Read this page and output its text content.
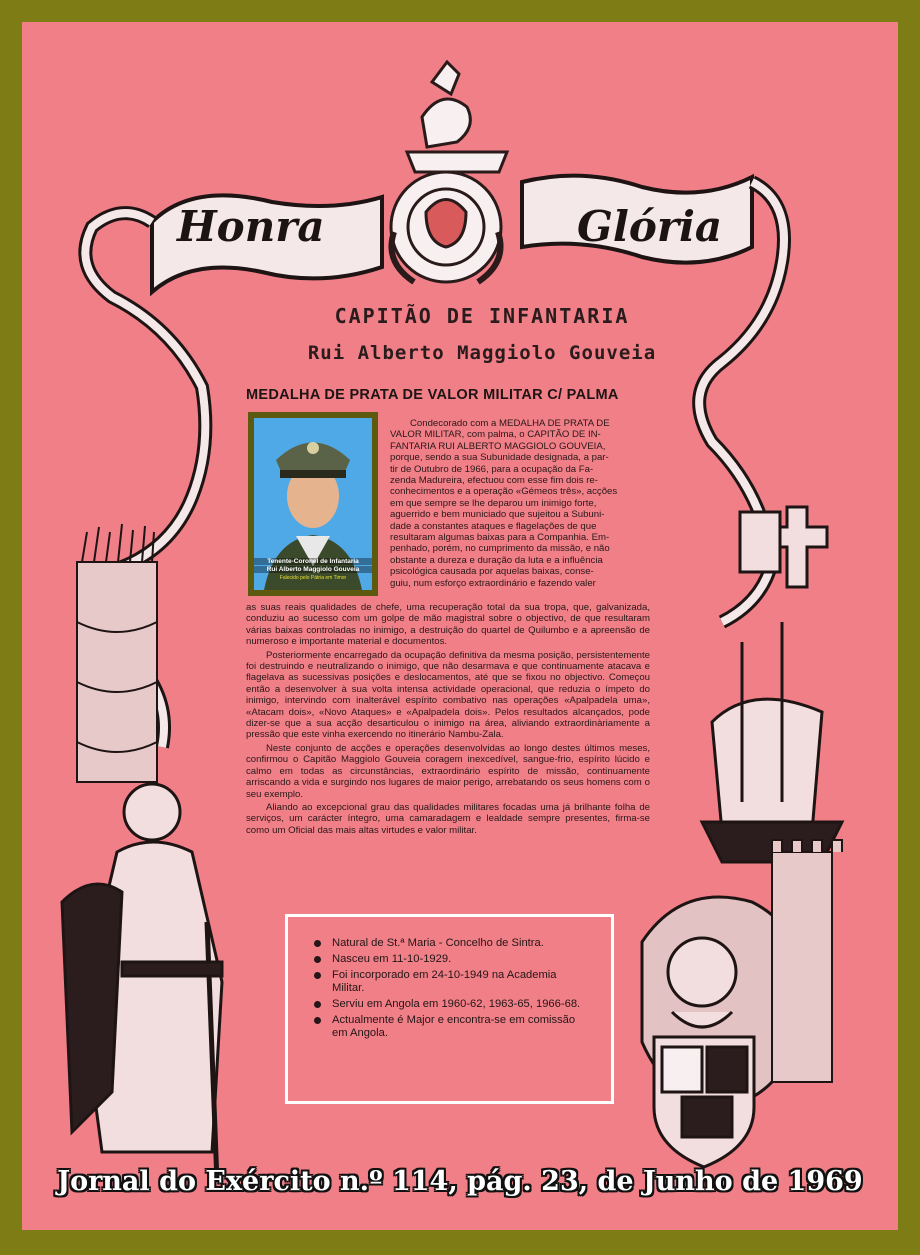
Honra	Glória
CAPITÃO DE INFANTARIA
Rui Alberto Maggiolo Gouveia
MEDALHA DE PRATA DE VALOR MILITAR C/ PALMA
Tenente-Coronel de Infantaria
Rui Alberto Maggiolo Gouveia
Falecido pelo Pátria em Timor
Condecorado com a MEDALHA DE PRATA DE
VALOR MILITAR, com palma, o CAPITÃO DE IN-
FANTARIA RUI ALBERTO MAGGIOLO GOUVEIA,
porque, sendo a sua Subunidade designada, a par-
tir de Outubro de 1966, para a ocupação da Fa-
zenda Madureira, efectuou com esse fim dois re-
conhecimentos e a operação «Gémeos três», acções
em que sempre se lhe deparou um inimigo forte,
aguerrido e bem municiado que sujeitou a Subuni-
dade a constantes ataques e flagelações de que
resultaram algumas baixas para a Companhia. Em-
penhado, porém, no cumprimento da missão, e não
obstante a dureza e duração da luta e a influência
psicológica causada por aquelas baixas, conse-
guiu, num esforço extraordinário e fazendo valer

as suas reais qualidades de chefe, uma recuperação total da sua tropa, que, galvanizada, conduziu ao sucesso com um golpe de mão magistral sobre o objectivo, de que resultaram várias baixas controladas no inimigo, a destruição do quartel de Quilumbo e a apreensão de numeroso e importante material e documentos.

Posteriormente encarregado da ocupação definitiva da mesma posição, persistentemente foi destruindo e neutralizando o inimigo, que não desarmava e que continuamente atacava e flagelava as sucessivas posições e deslocamentos, até que se fixou no objectivo. Começou então a desenvolver à sua volta intensa actividade operacional, que reduzia o ímpeto do inimigo, intervindo com inalterável espírito combativo nas operações «Apalpadela uma», «Atacam dois», «Novo Ataques» e «Apalpadela dois». Pelos resultados alcançados, pode dizer-se que a sua acção desarticulou o inimigo na área, aliviando extraordinàriamente a pressão que este vinha exercendo no itinerário Nambu-Zala.

Neste conjunto de acções e operações desenvolvidas ao longo destes últimos meses, confirmou o Capitão Maggiolo Gouveia coragem inexcedível, sangue-frio, espírito lúcido e calmo em todas as circunstâncias, extraordinário espírito de missão, continuamente arriscando a vida e surgindo nos lugares de maior perigo, arrebatando os seus homens com o seu exemplo.

Aliando ao excepcional grau das qualidades militares focadas uma já brilhante folha de serviços, um carácter íntegro, uma camaradagem e lealdade sempre presentes, firma-se como um Oficial das mais altas virtudes e valor militar.

Natural de St.ª Maria - Concelho de Sintra.
Nasceu em 11-10-1929.
Foi incorporado em 24-10-1949 na Academia Militar.
Serviu em Angola em 1960-62, 1963-65, 1966-68.
Actualmente é Major e encontra-se em comissão em Angola.
Jornal do Exército n.º 114, pág. 23, de Junho de 1969
